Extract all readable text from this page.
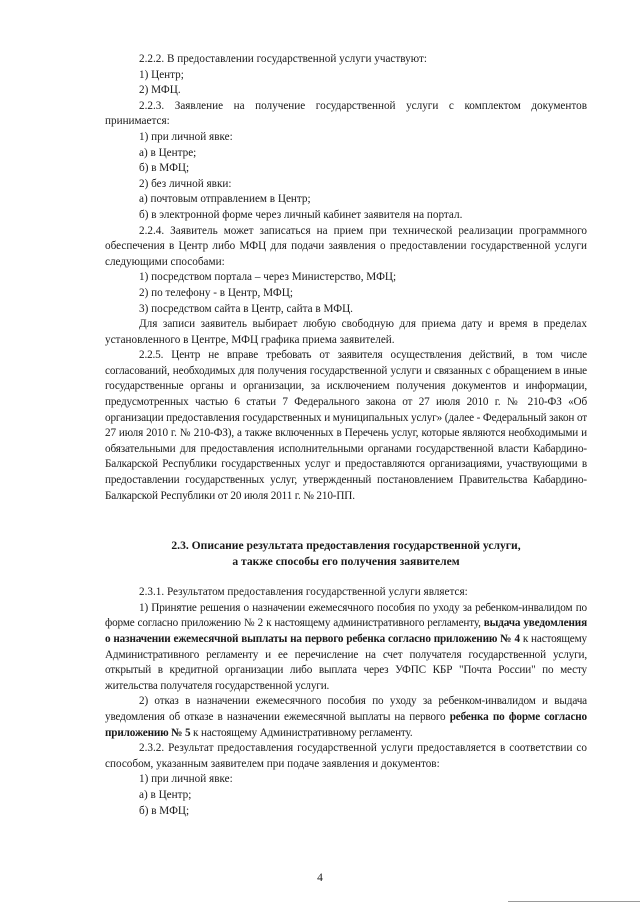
2.2.2. В предоставлении государственной услуги участвуют:

1) Центр;

2) МФЦ.

2.2.3. Заявление на получение государственной услуги с комплектом документов принимается:

1) при личной явке:

а) в Центре;

б) в МФЦ;

2) без личной явки:

а) почтовым отправлением в Центр;

б) в электронной форме через личный кабинет заявителя на портал.

2.2.4. Заявитель может записаться на прием при технической реализации программного обеспечения в Центр либо МФЦ для подачи заявления о предоставлении государственной услуги следующими способами:

1) посредством портала – через Министерство, МФЦ;

2) по телефону - в Центр, МФЦ;

3) посредством сайта в Центр, сайта в МФЦ.

Для записи заявитель выбирает любую свободную для приема дату и время в пределах установленного в Центре, МФЦ графика приема заявителей.

2.2.5. Центр не вправе требовать от заявителя осуществления действий, в том числе согласований, необходимых для получения государственной услуги и связанных с обращением в иные государственные органы и организации, за исключением получения документов и информации, предусмотренных частью 6 статьи 7 Федерального закона от 27 июля 2010 г. № 210-ФЗ «Об организации предоставления государственных и муниципальных услуг» (далее - Федеральный закон от 27 июля 2010 г. № 210-ФЗ), а также включенных в Перечень услуг, которые являются необходимыми и обязательными для предоставления исполнительными органами государственной власти Кабардино-Балкарской Республики государственных услуг и предоставляются организациями, участвующими в предоставлении государственных услуг, утвержденный постановлением Правительства Кабардино-Балкарской Республики от 20 июля 2011 г. № 210-ПП.

2.3. Описание результата предоставления государственной услуги,

а также способы его получения заявителем

2.3.1. Результатом предоставления государственной услуги является:

1) Принятие решения о назначении ежемесячного пособия по уходу за ребенком-инвалидом по форме согласно приложению № 2 к настоящему административного регламенту, выдача уведомления о назначении ежемесячной выплаты на первого ребенка согласно приложению № 4 к настоящему Административного регламенту и ее перечисление на счет получателя государственной услуги, открытый в кредитной организации либо выплата через УФПС КБР "Почта России" по месту жительства получателя государственной услуги.

2) отказ в назначении ежемесячного пособия по уходу за ребенком-инвалидом и выдача уведомления об отказе в назначении ежемесячной выплаты на первого ребенка по форме согласно приложению № 5 к настоящему Административному регламенту.

2.3.2. Результат предоставления государственной услуги предоставляется в соответствии со способом, указанным заявителем при подаче заявления и документов:

1) при личной явке:

а) в Центр;

б) в МФЦ;

4
